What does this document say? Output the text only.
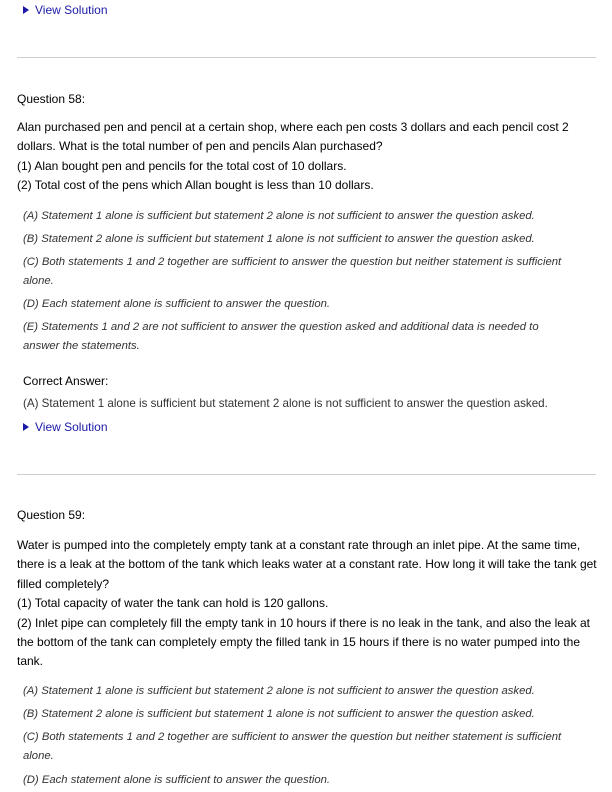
View Solution
Question 58:
Alan purchased pen and pencil at a certain shop, where each pen costs 3 dollars and each pencil cost 2
dollars. What is the total number of pen and pencils Alan purchased?
(1) Alan bought pen and pencils for the total cost of 10 dollars.
(2) Total cost of the pens which Allan bought is less than 10 dollars.
(A) Statement 1 alone is sufficient but statement 2 alone is not sufficient to answer the question asked.
(B) Statement 2 alone is sufficient but statement 1 alone is not sufficient to answer the question asked.
(C) Both statements 1 and 2 together are sufficient to answer the question but neither statement is sufficient
alone.
(D) Each statement alone is sufficient to answer the question.
(E) Statements 1 and 2 are not sufficient to answer the question asked and additional data is needed to
answer the statements.
Correct Answer:
(A) Statement 1 alone is sufficient but statement 2 alone is not sufficient to answer the question asked.
View Solution
Question 59:
Water is pumped into the completely empty tank at a constant rate through an inlet pipe. At the same time,
there is a leak at the bottom of the tank which leaks water at a constant rate. How long it will take the tank get
filled completely?
(1) Total capacity of water the tank can hold is 120 gallons.
(2) Inlet pipe can completely fill the empty tank in 10 hours if there is no leak in the tank, and also the leak at
the bottom of the tank can completely empty the filled tank in 15 hours if there is no water pumped into the
tank.
(A) Statement 1 alone is sufficient but statement 2 alone is not sufficient to answer the question asked.
(B) Statement 2 alone is sufficient but statement 1 alone is not sufficient to answer the question asked.
(C) Both statements 1 and 2 together are sufficient to answer the question but neither statement is sufficient
alone.
(D) Each statement alone is sufficient to answer the question.
